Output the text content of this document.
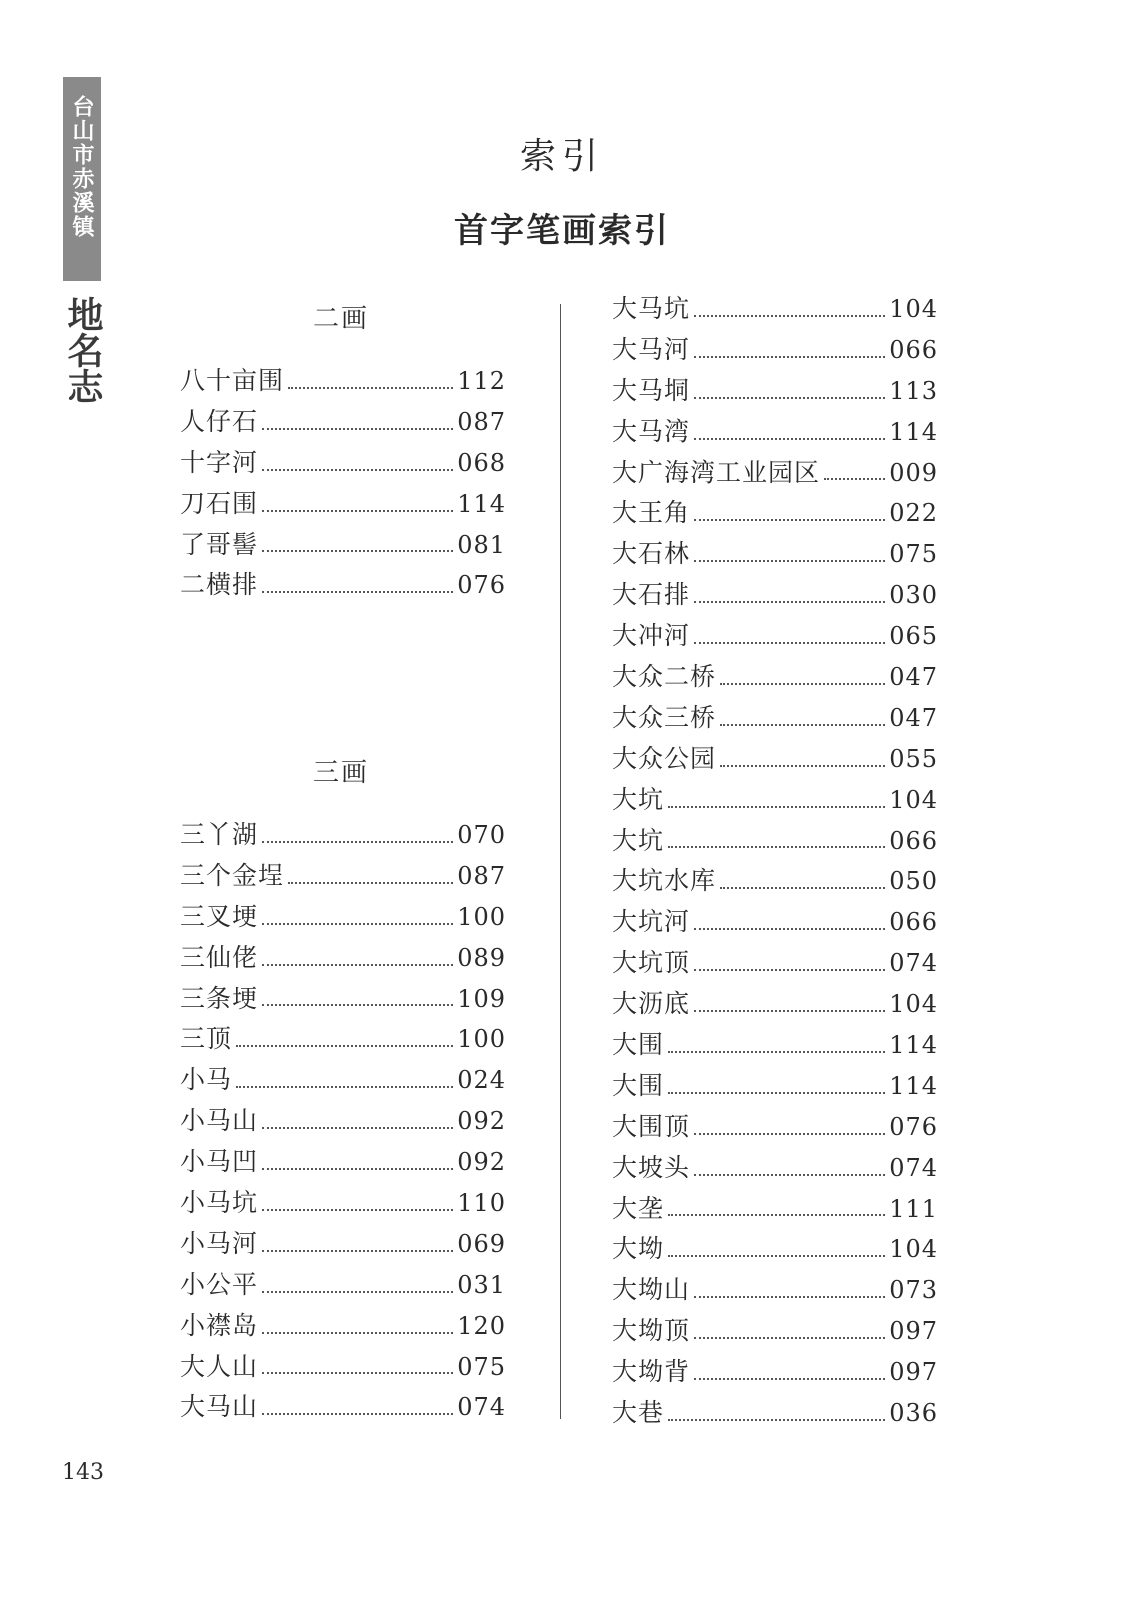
台山市赤溪镇
地名志
索引
首字笔画索引
二画
八十亩围	112
人仔石	087
十字河	068
刀石围	114
了哥髻	081
二横排	076
三画
三丫湖	070
三个金埕	087
三叉埂	100
三仙佬	089
三条埂	109
三顶	100
小马	024
小马山	092
小马凹	092
小马坑	110
小马河	069
小公平	031
小襟岛	120
大人山	075
大马山	074
大马坑	104
大马河	066
大马垌	113
大马湾	114
大广海湾工业园区	009
大王角	022
大石林	075
大石排	030
大冲河	065
大众二桥	047
大众三桥	047
大众公园	055
大坑	104
大坑	066
大坑水库	050
大坑河	066
大坑顶	074
大沥底	104
大围	114
大围	114
大围顶	076
大坡头	074
大垄	111
大坳	104
大坳山	073
大坳顶	097
大坳背	097
大巷	036
143
